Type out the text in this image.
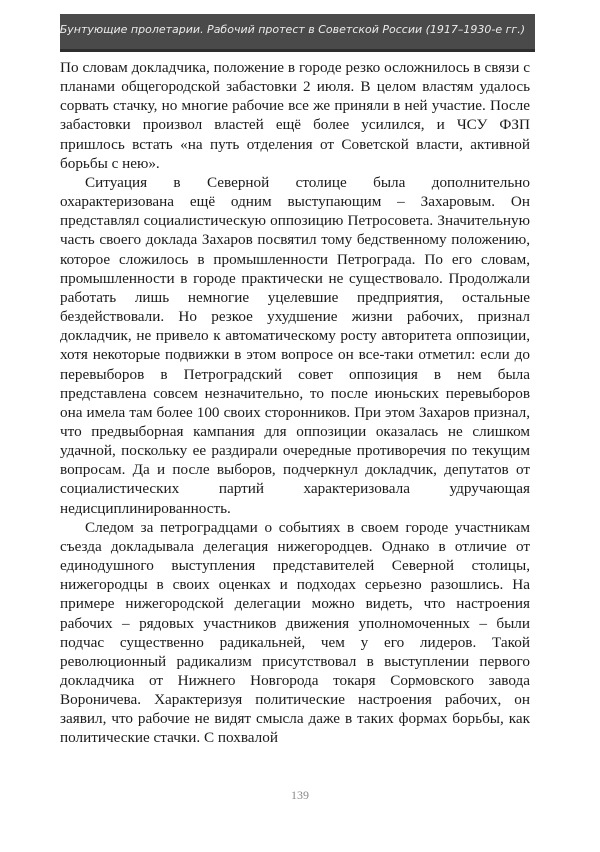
Бунтующие пролетарии. Рабочий протест в Советской России (1917–1930-е гг.)

По словам докладчика, положение в городе резко осложнилось в связи с планами общегородской забастовки 2 июля. В целом властям удалось сорвать стачку, но многие рабочие все же приняли в ней участие. После забастовки произвол властей ещё более усилился, и ЧСУ ФЗП пришлось встать «на путь отделения от Советской власти, активной борьбы с нею».

Ситуация в Северной столице была дополнительно охарактеризована ещё одним выступающим – Захаровым. Он представлял социалистическую оппозицию Петросовета. Значительную часть своего доклада Захаров посвятил тому бедственному положению, которое сложилось в промышленности Петрограда. По его словам, промышленности в городе практически не существовало. Продолжали работать лишь немногие уцелевшие предприятия, остальные бездействовали. Но резкое ухудшение жизни рабочих, признал докладчик, не привело к автоматическому росту авторитета оппозиции, хотя некоторые подвижки в этом вопросе он все-таки отметил: если до перевыборов в Петроградский совет оппозиция в нем была представлена совсем незначительно, то после июньских перевыборов она имела там более 100 своих сторонников. При этом Захаров признал, что предвыборная кампания для оппозиции оказалась не слишком удачной, поскольку ее раздирали очередные противоречия по текущим вопросам. Да и после выборов, подчеркнул докладчик, депутатов от социалистических партий характеризовала удручающая недисциплинированность.

Следом за петроградцами о событиях в своем городе участникам съезда докладывала делегация нижегородцев. Однако в отличие от единодушного выступления представителей Северной столицы, нижегородцы в своих оценках и подходах серьезно разошлись. На примере нижегородской делегации можно видеть, что настроения рабочих – рядовых участников движения уполномоченных – были подчас существенно радикальней, чем у его лидеров. Такой революционный радикализм присутствовал в выступлении первого докладчика от Нижнего Новгорода токаря Сормовского завода Вороничева. Характеризуя политические настроения рабочих, он заявил, что рабочие не видят смысла даже в таких формах борьбы, как политические стачки. С похвалой

139
